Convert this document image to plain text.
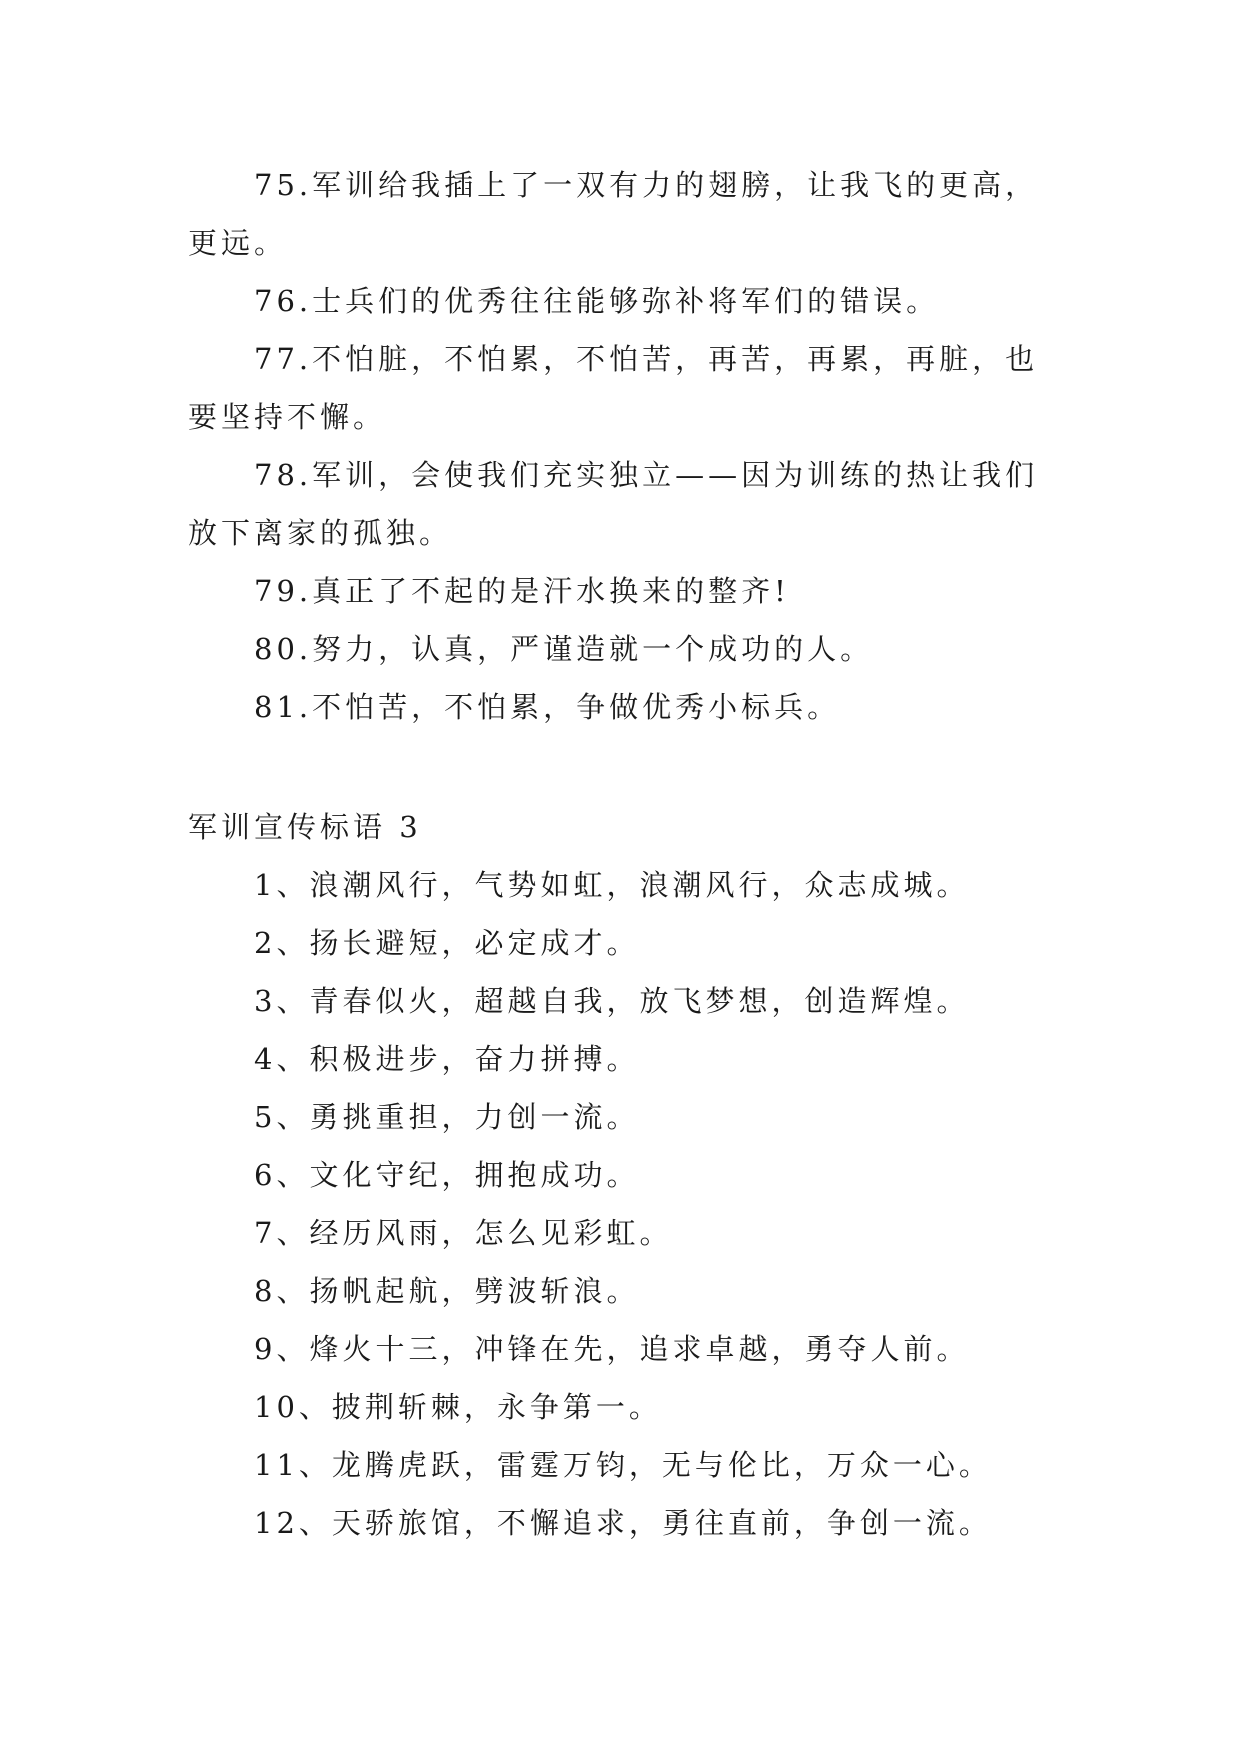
75.军训给我插上了一双有力的翅膀，让我飞的更高，更远。

76.士兵们的优秀往往能够弥补将军们的错误。

77.不怕脏，不怕累，不怕苦，再苦，再累，再脏，也要坚持不懈。

78.军训，会使我们充实独立——因为训练的热让我们放下离家的孤独。

79.真正了不起的是汗水换来的整齐!

80.努力，认真，严谨造就一个成功的人。

81.不怕苦，不怕累，争做优秀小标兵。

军训宣传标语 3

1、浪潮风行，气势如虹，浪潮风行，众志成城。

2、扬长避短，必定成才。

3、青春似火，超越自我，放飞梦想，创造辉煌。

4、积极进步，奋力拼搏。

5、勇挑重担，力创一流。

6、文化守纪，拥抱成功。

7、经历风雨，怎么见彩虹。

8、扬帆起航，劈波斩浪。

9、烽火十三，冲锋在先，追求卓越，勇夺人前。

10、披荆斩棘，永争第一。

11、龙腾虎跃，雷霆万钧，无与伦比，万众一心。

12、天骄旅馆，不懈追求，勇往直前，争创一流。
